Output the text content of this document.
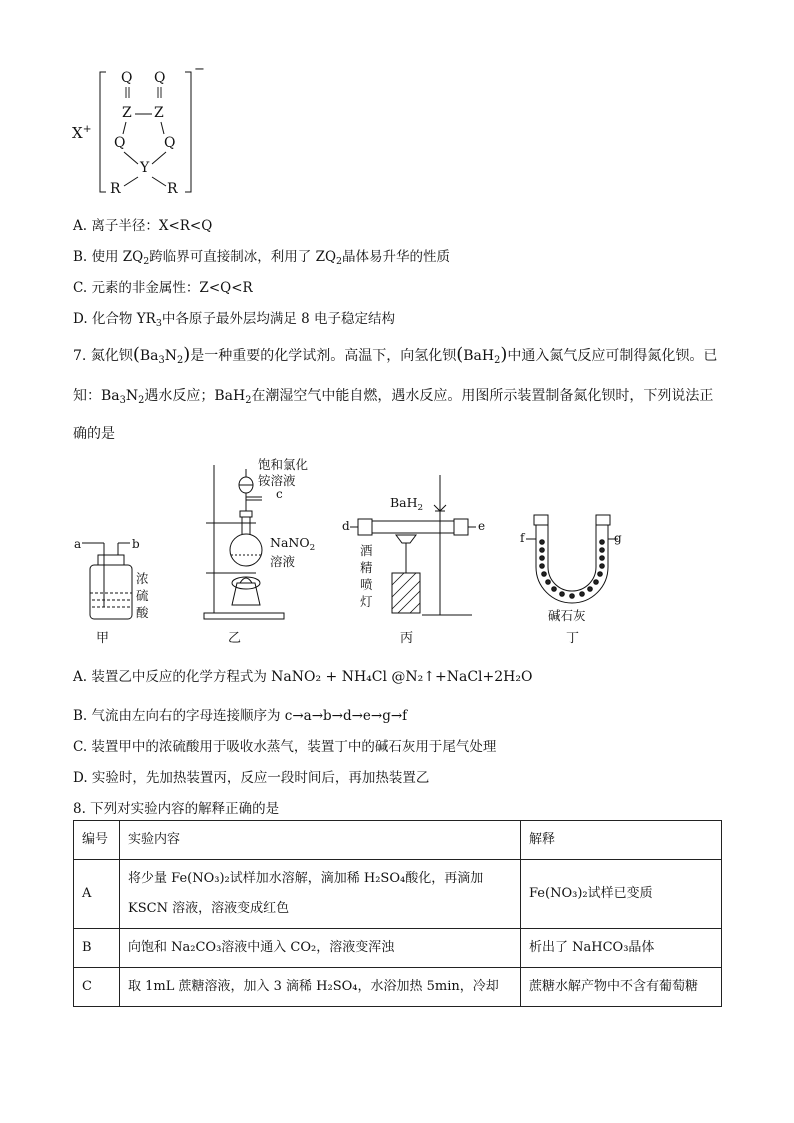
X+
−
Q Q
Z Z
Q	Q
Y
R	R
A. 离子半径：X<R<Q
B. 使用 $ZQ_2$跨临界可直接制冰，利用了 $ZQ_2$晶体易升华的性质
C. 元素的非金属性：Z<Q<R
D. 化合物 $YR_3$中各原子最外层均满足 8 电子稳定结构
7. 氮化钡$(Ba_3N_2)$是一种重要的化学试剂。高温下，向氢化钡(BaH$_2$)中通入氮气反应可制得氮化钡。已
知：$Ba_3N_2$遇水反应；BaH$_2$在潮湿空气中能自燃，遇水反应。用图所示装置制备氮化钡时，下列说法正
确的是
a	b
浓
硫
酸
甲
饱和氯化
铵溶液
c
NaNO$_2$
溶液
乙
BaH$_2$
d	e
酒
精
喷
灯
丙
f	g
碱石灰
丁
A. 装置乙中反应的化学方程式为 NaNO₂ + NH₄Cl @N₂↑+NaCl+2H₂O
B. 气流由左向右的字母连接顺序为 c→a→b→d→e→g→f
C. 装置甲中的浓硫酸用于吸收水蒸气，装置丁中的碱石灰用于尾气处理
D. 实验时，先加热装置丙，反应一段时间后，再加热装置乙
8. 下列对实验内容的解释正确的是
编号	实验内容	解释
A	将少量 Fe(NO₃)₂试样加水溶解，滴加稀 H₂SO₄酸化，再滴加
KSCN 溶液，溶液变成红色	Fe(NO₃)₂试样已变质
B	向饱和 Na₂CO₃溶液中通入 CO₂，溶液变浑浊	析出了 NaHCO₃晶体
C	取 1mL 蔗糖溶液，加入 3 滴稀 H₂SO₄，水浴加热 5min，冷却	蔗糖水解产物中不含有葡萄糖
